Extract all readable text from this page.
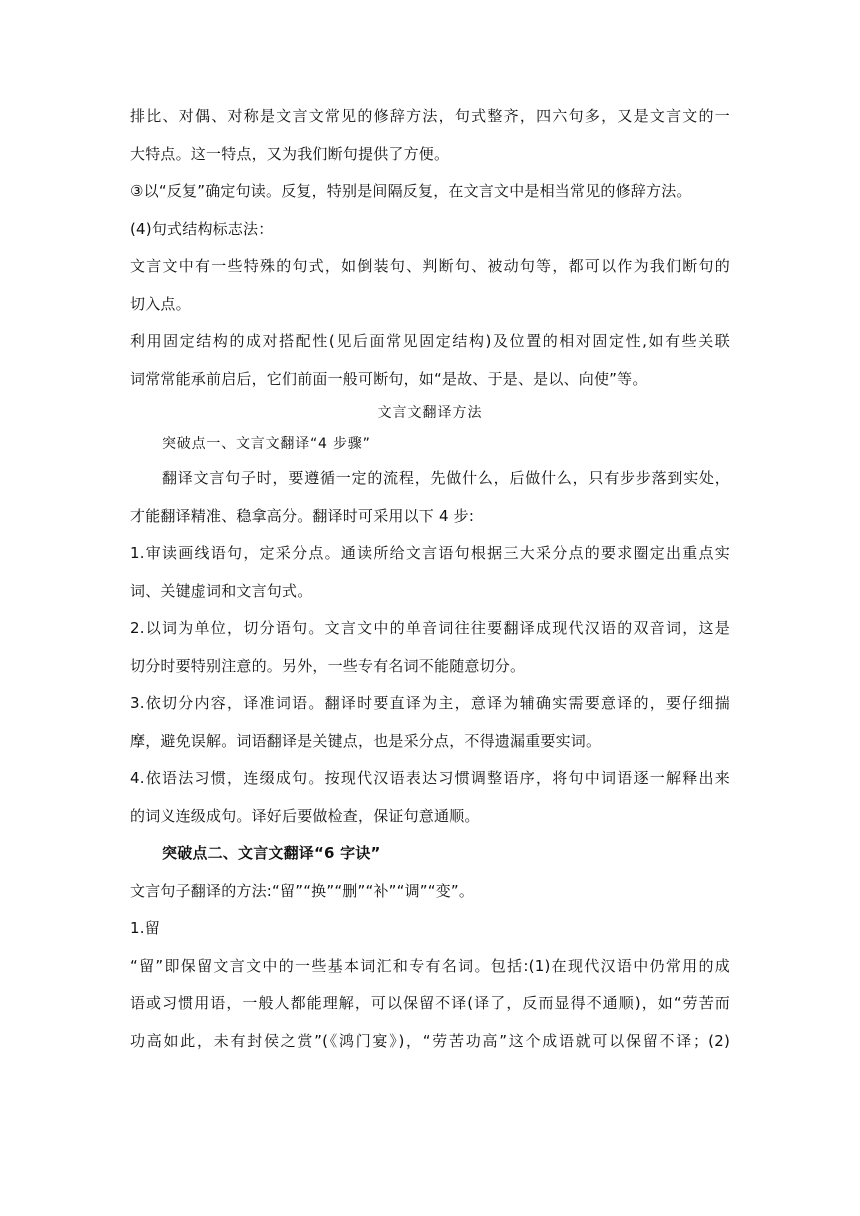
排比、对偶、对称是文言文常见的修辞方法，句式整齐，四六句多，又是文言文的一
大特点。这一特点，又为我们断句提供了方便。
③以“反复”确定句读。反复，特别是间隔反复，在文言文中是相当常见的修辞方法。
(4)句式结构标志法：
文言文中有一些特殊的句式，如倒装句、判断句、被动句等，都可以作为我们断句的
切入点。
利用固定结构的成对搭配性(见后面常见固定结构)及位置的相对固定性,如有些关联
词常常能承前启后，它们前面一般可断句，如“是故、于是、是以、向使”等。
文言文翻译方法
突破点一、文言文翻译“4 步骤”
翻译文言句子时，要遵循一定的流程，先做什么，后做什么，只有步步落到实处，
才能翻译精准、稳拿高分。翻译时可采用以下 4 步:
1.审读画线语句，定采分点。通读所给文言语句根据三大采分点的要求圈定出重点实
词、关键虚词和文言句式。
2.以词为单位，切分语句。文言文中的单音词往往要翻译成现代汉语的双音词，这是
切分时要特别注意的。另外，一些专有名词不能随意切分。
3.依切分内容，译准词语。翻译时要直译为主，意译为辅确实需要意译的，要仔细揣
摩，避免误解。词语翻译是关键点，也是采分点，不得遗漏重要实词。
4.依语法习惯，连缀成句。按现代汉语表达习惯调整语序，将句中词语逐一解释出来
的词义连级成句。译好后要做检查，保证句意通顺。
突破点二、文言文翻译“6 字诀”
文言句子翻译的方法:“留”“换”“删”“补”“调”“变”。
1.留
“留”即保留文言文中的一些基本词汇和专有名词。包括:(1)在现代汉语中仍常用的成
语或习惯用语，一般人都能理解，可以保留不译(译了，反而显得不通顺)，如“劳苦而
功高如此，未有封侯之赏”(《鸿门宴》)，“劳苦功高”这个成语就可以保留不译；(2)
